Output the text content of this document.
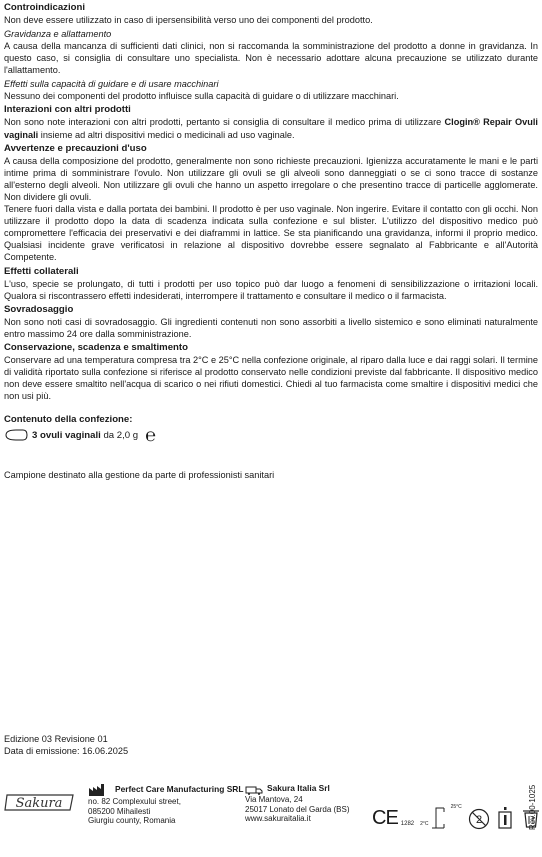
Controindicazioni

Non deve essere utilizzato in caso di ipersensibilità verso uno dei componenti del prodotto.

Gravidanza e allattamento

A causa della mancanza di sufficienti dati clinici, non si raccomanda la somministrazione del prodotto a donne in gravidanza. In questo caso, si consiglia di consultare uno specialista. Non è necessario adottare alcuna precauzione se utilizzato durante l'allattamento.

Effetti sulla capacità di guidare e di usare macchinari

Nessuno dei componenti del prodotto influisce sulla capacità di guidare o di utilizzare macchinari.

Interazioni con altri prodotti

Non sono note interazioni con altri prodotti, pertanto si consiglia di consultare il medico prima di utilizzare Clogin® Repair Ovuli vaginali insieme ad altri dispositivi medici o medicinali ad uso vaginale.

Avvertenze e precauzioni d'uso

A causa della composizione del prodotto, generalmente non sono richieste precauzioni. Igienizza accuratamente le mani e le parti intime prima di somministrare l'ovulo. Non utilizzare gli ovuli se gli alveoli sono danneggiati o se ci sono tracce di sostanze all'esterno degli alveoli. Non utilizzare gli ovuli che hanno un aspetto irregolare o che presentino tracce di particelle agglomerate. Non dividere gli ovuli.

Tenere fuori dalla vista e dalla portata dei bambini. Il prodotto è per uso vaginale. Non ingerire. Evitare il contatto con gli occhi. Non utilizzare il prodotto dopo la data di scadenza indicata sulla confezione e sul blister. L'utilizzo del dispositivo medico può compromettere l'efficacia dei preservativi e dei diaframmi in lattice. Se sta pianificando una gravidanza, informi il proprio medico. Qualsiasi incidente grave verificatosi in relazione al dispositivo dovrebbe essere segnalato al Fabbricante e all'Autorità Competente.

Effetti collaterali

L'uso, specie se prolungato, di tutti i prodotti per uso topico può dar luogo a fenomeni di sensibilizzazione o irritazioni locali. Qualora si riscontrassero effetti indesiderati, interrompere il trattamento e consultare il medico o il farmacista.

Sovradosaggio

Non sono noti casi di sovradosaggio. Gli ingredienti contenuti non sono assorbiti a livello sistemico e sono eliminati naturalmente entro massimo 24 ore dalla somministrazione.

Conservazione, scadenza e smaltimento

Conservare ad una temperatura compresa tra 2°C e 25°C nella confezione originale, al riparo dalla luce e dai raggi solari. Il termine di validità riportato sulla confezione si riferisce al prodotto conservato nelle condizioni previste dal fabbricante. Il dispositivo medico non deve essere smaltito nell'acqua di scarico o nei rifiuti domestici. Chiedi al tuo farmacista come smaltire i dispositivi medici che non usi più.

Contenuto della confezione:
3 ovuli vaginali da 2,0 g ℮
Campione destinato alla gestione da parte di professionisti sanitari
Edizione 03 Revisione 01
Data di emissione: 16.06.2025
Sakura
Perfect Care Manufacturing SRL
no. 82 Complexului street,
085200 Mihailesti
Giurgiu county, Romania
Sakura Italia Srl
Via Mantova, 24
25017 Lonato del Garda (BS)
www.sakuraitalia.it	CE 1282 2°C
25°C
2	Rev.00-1025
